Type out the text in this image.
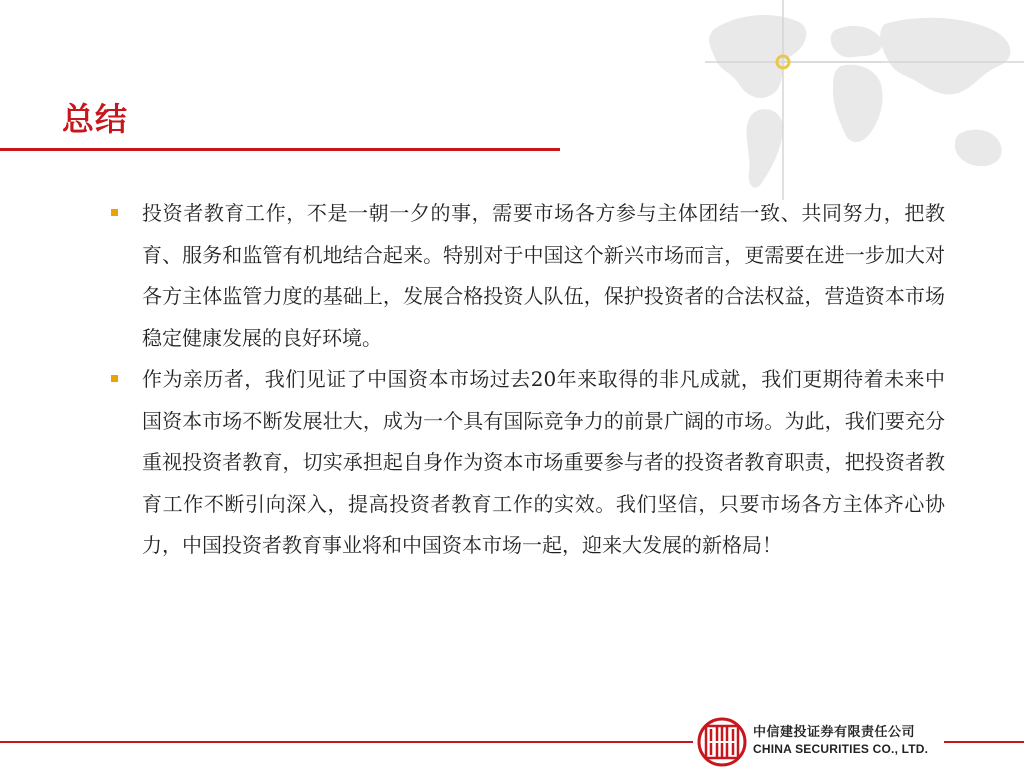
总结

投资者教育工作，不是一朝一夕的事，需要市场各方参与主体团结一致、共同努力，把教育、服务和监管有机地结合起来。特别对于中国这个新兴市场而言，更需要在进一步加大对各方主体监管力度的基础上，发展合格投资人队伍，保护投资者的合法权益，营造资本市场稳定健康发展的良好环境。

作为亲历者，我们见证了中国资本市场过去20年来取得的非凡成就，我们更期待着未来中国资本市场不断发展壮大，成为一个具有国际竞争力的前景广阔的市场。为此，我们要充分重视投资者教育，切实承担起自身作为资本市场重要参与者的投资者教育职责，把投资者教育工作不断引向深入，提高投资者教育工作的实效。我们坚信，只要市场各方主体齐心协力，中国投资者教育事业将和中国资本市场一起，迎来大发展的新格局！

中信建投证券有限责任公司
CHINA SECURITIES CO., LTD.
